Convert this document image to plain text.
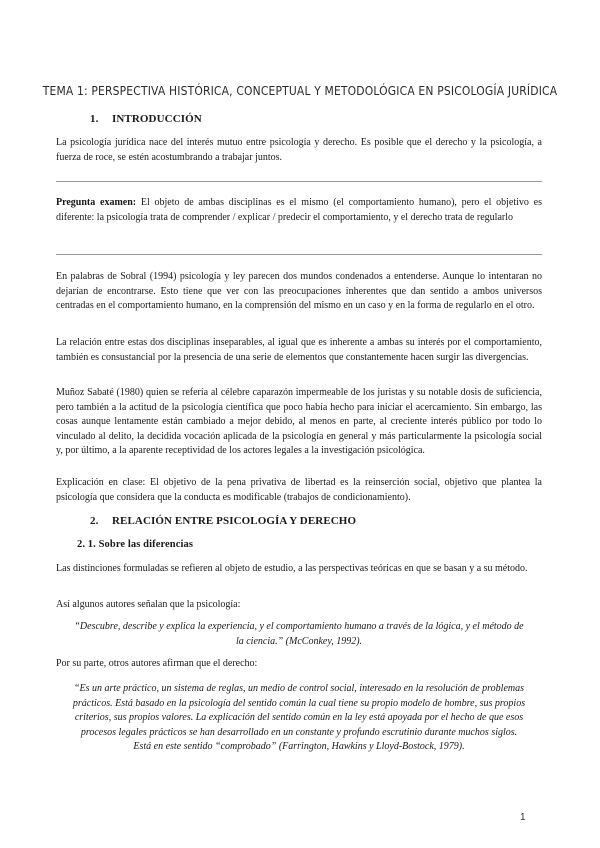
TEMA 1: PERSPECTIVA HISTÓRICA, CONCEPTUAL Y METODOLÓGICA EN PSICOLOGÍA JURÍDICA
1. INTRODUCCIÓN
La psicología jurídica nace del interés mutuo entre psicología y derecho. Es posible que el derecho y la psicología, a fuerza de roce, se estén acostumbrando a trabajar juntos.
Pregunta examen: El objeto de ambas disciplinas es el mismo (el comportamiento humano), pero el objetivo es diferente: la psicología trata de comprender / explicar / predecir el comportamiento, y el derecho trata de regularlo
En palabras de Sobral (1994) psicología y ley parecen dos mundos condenados a entenderse. Aunque lo intentaran no dejarían de encontrarse. Esto tiene que ver con las preocupaciones inherentes que dan sentido a ambos universos centradas en el comportamiento humano, en la comprensión del mismo en un caso y en la forma de regularlo en el otro.
La relación entre estas dos disciplinas inseparables, al igual que es inherente a ambas su interés por el comportamiento, también es consustancial por la presencia de una serie de elementos que constantemente hacen surgir las divergencias.
Muñoz Sabaté (1980) quien se refería al célebre caparazón impermeable de los juristas y su notable dosis de suficiencia, pero también a la actitud de la psicología científica que poco había hecho para iniciar el acercamiento. Sin embargo, las cosas aunque lentamente están cambiado a mejor debido, al menos en parte, al creciente interés público por todo lo vinculado al delito, la decidida vocación aplicada de la psicología en general y más particularmente la psicología social y, por último, a la aparente receptividad de los actores legales a la investigación psicológica.
Explicación en clase: El objetivo de la pena privativa de libertad es la reinserción social, objetivo que plantea la psicología que considera que la conducta es modificable (trabajos de condicionamiento).
2. RELACIÓN ENTRE PSICOLOGÍA Y DERECHO
2. 1. Sobre las diferencias
Las distinciones formuladas se refieren al objeto de estudio, a las perspectivas teóricas en que se basan y a su método.
Así algunos autores señalan que la psicología:
“Descubre, describe y explica la experiencia, y el comportamiento humano a través de la lógica, y el método de la ciencia.” (McConkey, 1992).
Por su parte, otros autores afirman que el derecho:
“Es un arte práctico, un sistema de reglas, un medio de control social, interesado en la resolución de problemas prácticos. Está basado en la psicología del sentido común la cual tiene su propio modelo de hombre, sus propios criterios, sus propios valores. La explicación del sentido común en la ley está apoyada por el hecho de que esos procesos legales prácticos se han desarrollado en un constante y profundo escrutinio durante muchos siglos. Está en este sentido “comprobado” (Farrington, Hawkins y Lloyd-Bostock, 1979).
1
